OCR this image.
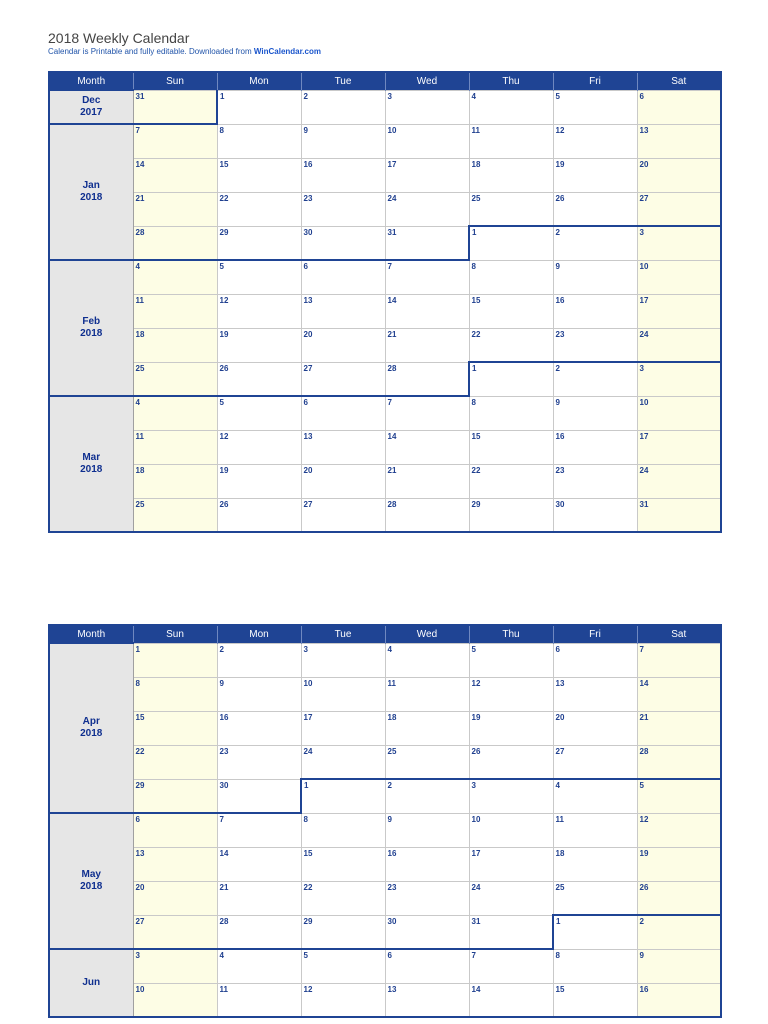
2018 Weekly Calendar
Calendar is Printable and fully editable. Downloaded from WinCalendar.com
Month	Sun	Mon	Tue	Wed	Thu	Fri	Sat

Dec
2017	31	1	2	3	4	5	6

Jan
2018	7	8	9	10	11	12	13
	14	15	16	17	18	19	20
	21	22	23	24	25	26	27
	28	29	30	31	1	2	3

Feb
2018	4	5	6	7	8	9	10
	11	12	13	14	15	16	17
	18	19	20	21	22	23	24
	25	26	27	28	1	2	3

Mar
2018	4	5	6	7	8	9	10
	11	12	13	14	15	16	17
	18	19	20	21	22	23	24
	25	26	27	28	29	30	31
Month	Sun	Mon	Tue	Wed	Thu	Fri	Sat

Apr
2018	1	2	3	4	5	6	7
	8	9	10	11	12	13	14
	15	16	17	18	19	20	21
	22	23	24	25	26	27	28
	29	30	1	2	3	4	5

May
2018	6	7	8	9	10	11	12
	13	14	15	16	17	18	19
	20	21	22	23	24	25	26
	27	28	29	30	31	1	2

Jun	3	4	5	6	7	8	9
	10	11	12	13	14	15	16
